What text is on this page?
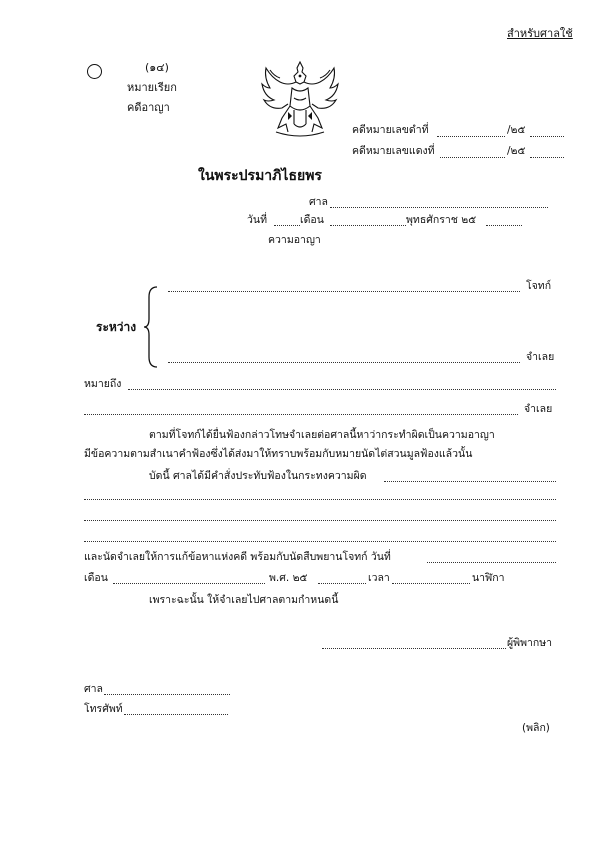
สำหรับศาลใช้
(๑๔)
หมายเรียก
คดีอาญา
คดีหมายเลขดำที่	/๒๕
คดีหมายเลขแดงที่	/๒๕
ในพระปรมาภิไธยพร
ศาล
วันที่	เดือน	พุทธศักราช ๒๕
ความอาญา
โจทก์
ระหว่าง
จำเลย
หมายถึง
จำเลย
ตามที่โจทก์ได้ยื่นฟ้องกล่าวโทษจำเลยต่อศาลนี้หาว่ากระทำผิดเป็นความอาญา
มีข้อความตามสำเนาคำฟ้องซึ่งได้ส่งมาให้ทราบพร้อมกับหมายนัดไต่สวนมูลฟ้องแล้วนั้น
บัดนี้ ศาลได้มีคำสั่งประทับฟ้องในกระทงความผิด
และนัดจำเลยให้การแก้ข้อหาแห่งคดี พร้อมกับนัดสืบพยานโจทก์ วันที่
เดือน	พ.ศ. ๒๕	เวลา	นาฬิกา
เพราะฉะนั้น ให้จำเลยไปศาลตามกำหนดนี้
ผู้พิพากษา
ศาล
โทรศัพท์
(พลิก)
